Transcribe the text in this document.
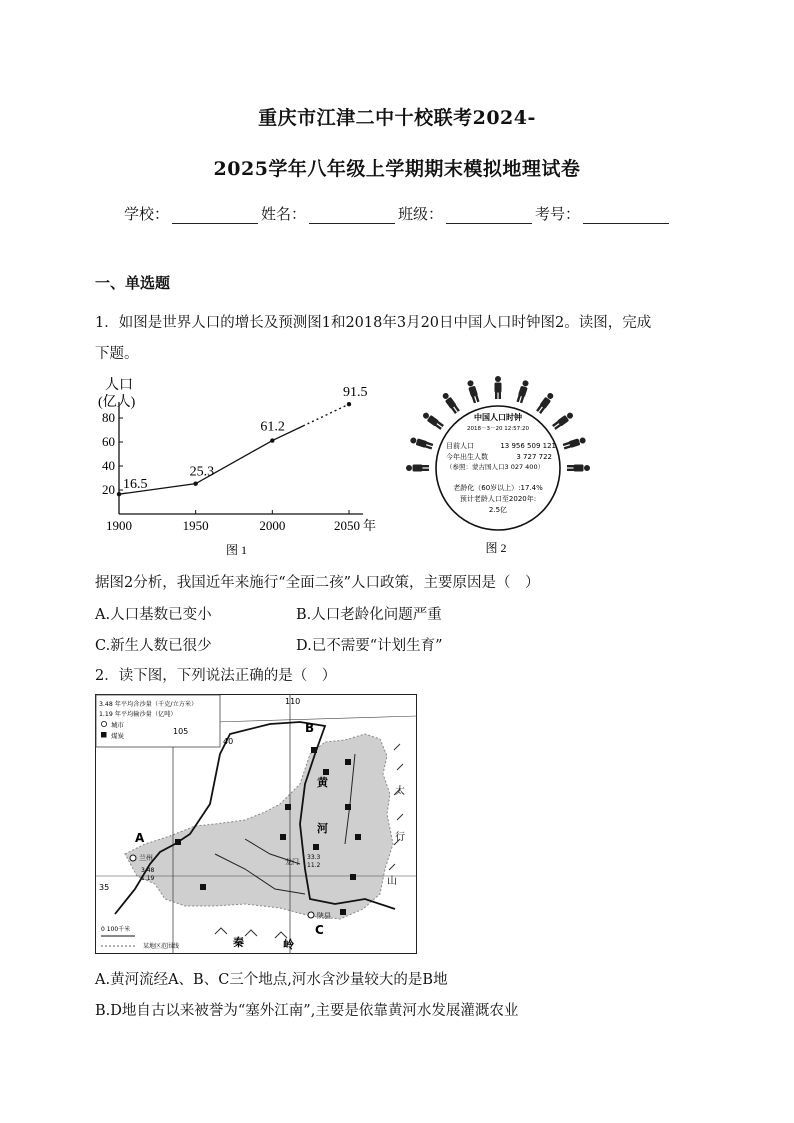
重庆市江津二中十校联考2024-
2025学年八年级上学期期末模拟地理试卷
学校：	姓名：	班级：	考号：
一、单选题
1．如图是世界人口的增长及预测图1和2018年3月20日中国人口时钟图2。读图，完成
下题。
人口
(亿人)
图 1
20
40
60
80
1900	1950	2000	2050 年
16.5
25.3
61.2
91.5
中国人口时钟
2018－3－20 12:57:20
目前人口	13 956 509 121
今年出生人数	3 727 722
（参照：蒙古国人口3 027 400）
老龄化（60岁以上）:17.4%
预计老龄人口至2020年:
2.5亿
图 2
据图2分析，我国近年来施行“全面二孩”人口政策，主要原因是（　）
A.人口基数已变小	B.人口老龄化问题严重
C.新生人数已很少	D.已不需要“计划生育”
2．读下图，下列说法正确的是（　）
3.48 年平均含沙量（千克/立方米）
1.19 年平均输沙量（亿吨）
城市
煤炭
110
105
40
35
A
B
C
兰州
3.48
1.19
龙门
33.3
11.2
陕县
黄
河
太
行
山
秦	岭
0 100千米
某地区范围线
A.黄河流经A、B、C三个地点,河水含沙量较大的是B地
B.D地自古以来被誉为“塞外江南”,主要是依靠黄河水发展灌溉农业
